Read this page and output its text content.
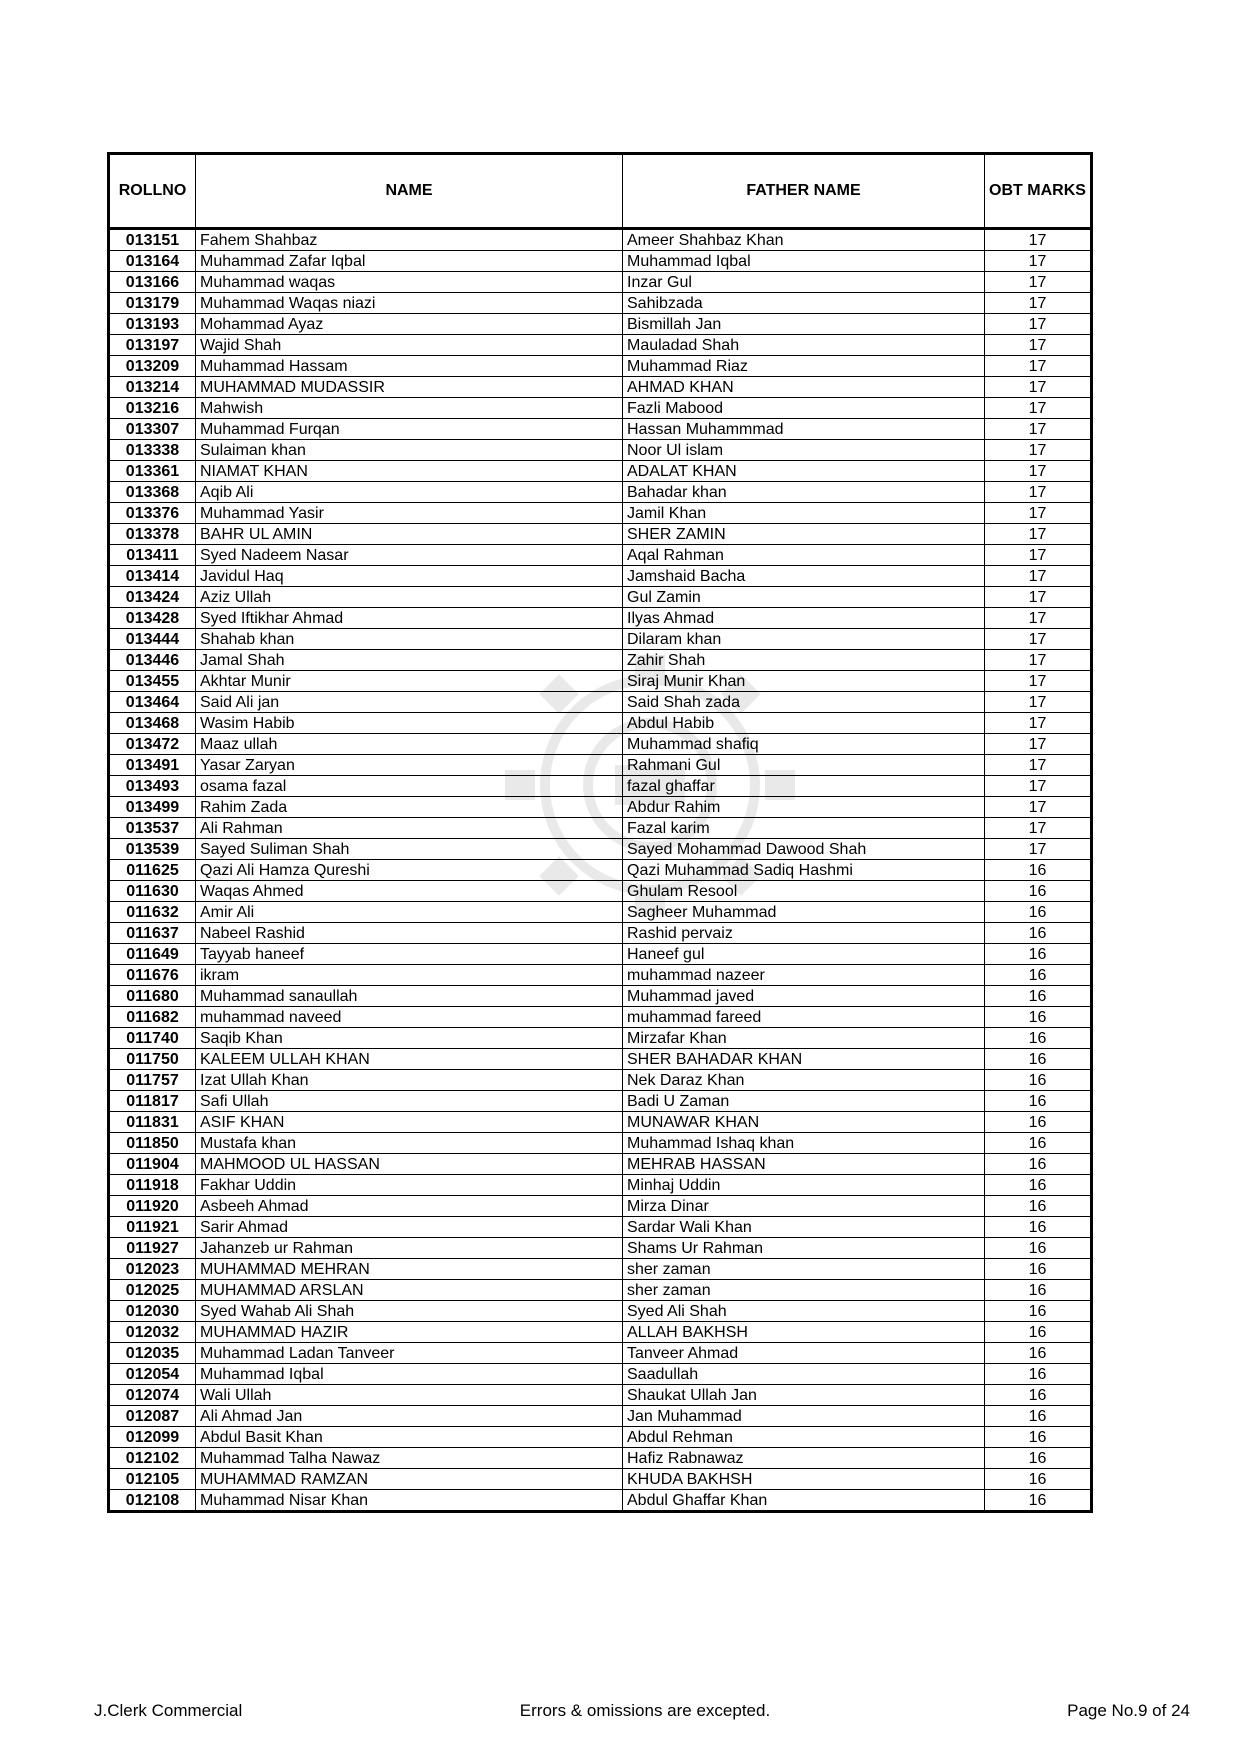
ROLLNO	NAME	FATHER NAME	OBT MARKS
013151	Fahem Shahbaz	Ameer Shahbaz Khan	17
013164	Muhammad Zafar Iqbal	Muhammad Iqbal	17
013166	Muhammad waqas	Inzar Gul	17
013179	Muhammad Waqas niazi	Sahibzada	17
013193	Mohammad Ayaz	Bismillah Jan	17
013197	Wajid Shah	Mauladad Shah	17
013209	Muhammad Hassam	Muhammad Riaz	17
013214	MUHAMMAD MUDASSIR	AHMAD KHAN	17
013216	Mahwish	Fazli Mabood	17
013307	Muhammad Furqan	Hassan Muhammmad	17
013338	Sulaiman khan	Noor Ul islam	17
013361	NIAMAT KHAN	ADALAT KHAN	17
013368	Aqib Ali	Bahadar khan	17
013376	Muhammad Yasir	Jamil Khan	17
013378	BAHR UL AMIN	SHER ZAMIN	17
013411	Syed Nadeem Nasar	Aqal Rahman	17
013414	Javidul Haq	Jamshaid Bacha	17
013424	Aziz Ullah	Gul Zamin	17
013428	Syed Iftikhar Ahmad	Ilyas Ahmad	17
013444	Shahab khan	Dilaram khan	17
013446	Jamal Shah	Zahir Shah	17
013455	Akhtar Munir	Siraj Munir Khan	17
013464	Said Ali jan	Said Shah zada	17
013468	Wasim Habib	Abdul Habib	17
013472	Maaz ullah	Muhammad shafiq	17
013491	Yasar Zaryan	Rahmani Gul	17
013493	osama fazal	fazal ghaffar	17
013499	Rahim Zada	Abdur Rahim	17
013537	Ali Rahman	Fazal karim	17
013539	Sayed Suliman Shah	Sayed Mohammad Dawood Shah	17
011625	Qazi Ali Hamza Qureshi	Qazi Muhammad Sadiq Hashmi	16
011630	Waqas Ahmed	Ghulam Resool	16
011632	Amir Ali	Sagheer Muhammad	16
011637	Nabeel Rashid	Rashid pervaiz	16
011649	Tayyab haneef	Haneef gul	16
011676	ikram	muhammad nazeer	16
011680	Muhammad sanaullah	Muhammad javed	16
011682	muhammad naveed	muhammad fareed	16
011740	Saqib Khan	Mirzafar Khan	16
011750	KALEEM ULLAH KHAN	SHER BAHADAR KHAN	16
011757	Izat Ullah Khan	Nek Daraz Khan	16
011817	Safi Ullah	Badi U Zaman	16
011831	ASIF KHAN	MUNAWAR KHAN	16
011850	Mustafa khan	Muhammad Ishaq khan	16
011904	MAHMOOD UL HASSAN	MEHRAB HASSAN	16
011918	Fakhar Uddin	Minhaj Uddin	16
011920	Asbeeh Ahmad	Mirza Dinar	16
011921	Sarir Ahmad	Sardar Wali Khan	16
011927	Jahanzeb ur Rahman	Shams Ur Rahman	16
012023	MUHAMMAD MEHRAN	sher zaman	16
012025	MUHAMMAD ARSLAN	sher zaman	16
012030	Syed Wahab Ali Shah	Syed Ali Shah	16
012032	MUHAMMAD HAZIR	ALLAH BAKHSH	16
012035	Muhammad Ladan Tanveer	Tanveer Ahmad	16
012054	Muhammad Iqbal	Saadullah	16
012074	Wali Ullah	Shaukat Ullah Jan	16
012087	Ali Ahmad Jan	Jan Muhammad	16
012099	Abdul Basit Khan	Abdul Rehman	16
012102	Muhammad Talha Nawaz	Hafiz Rabnawaz	16
012105	MUHAMMAD RAMZAN	KHUDA BAKHSH	16
012108	Muhammad Nisar Khan	Abdul Ghaffar Khan	16
J.Clerk Commercial	Errors & omissions are excepted.	Page No.9 of 24
